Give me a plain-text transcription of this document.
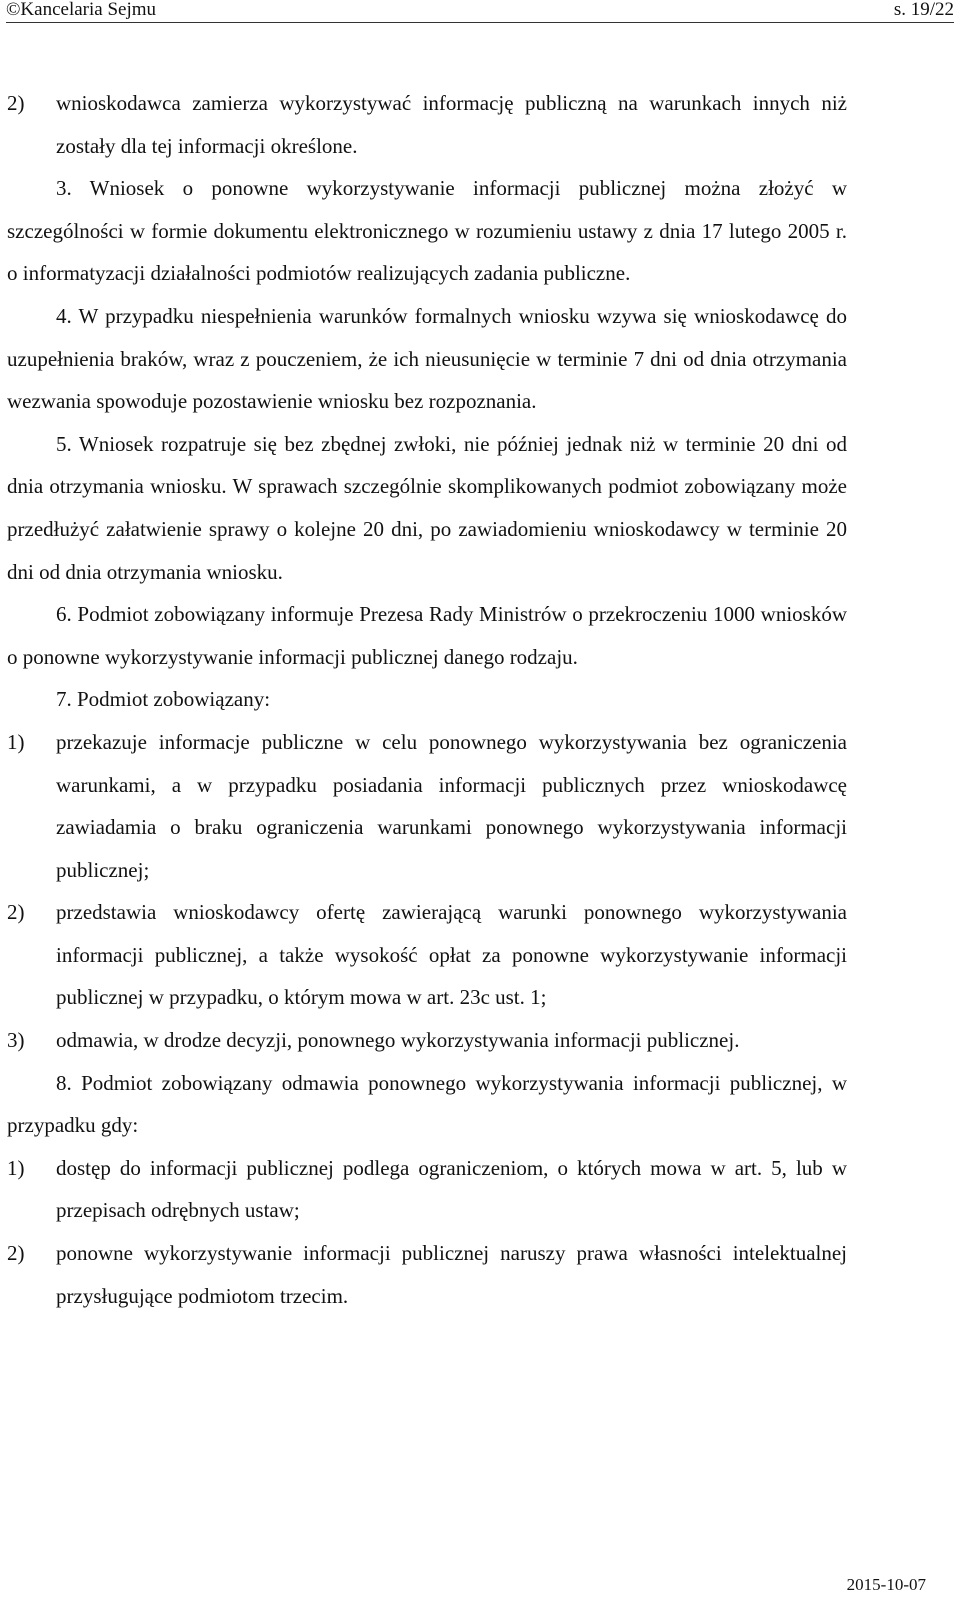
©Kancelaria Sejmu	s. 19/22
2)	wnioskodawca zamierza wykorzystywać informację publiczną na warunkach innych niż zostały dla tej informacji określone.

3. Wniosek o ponowne wykorzystywanie informacji publicznej można złożyć w szczególności w formie dokumentu elektronicznego w rozumieniu ustawy z dnia 17 lutego 2005 r. o informatyzacji działalności podmiotów realizujących zadania publiczne.

4. W przypadku niespełnienia warunków formalnych wniosku wzywa się wnioskodawcę do uzupełnienia braków, wraz z pouczeniem, że ich nieusunięcie w terminie 7 dni od dnia otrzymania wezwania spowoduje pozostawienie wniosku bez rozpoznania.

5. Wniosek rozpatruje się bez zbędnej zwłoki, nie później jednak niż w terminie 20 dni od dnia otrzymania wniosku. W sprawach szczególnie skomplikowanych podmiot zobowiązany może przedłużyć załatwienie sprawy o kolejne 20 dni, po zawiadomieniu wnioskodawcy w terminie 20 dni od dnia otrzymania wniosku.

6. Podmiot zobowiązany informuje Prezesa Rady Ministrów o przekroczeniu 1000 wniosków o ponowne wykorzystywanie informacji publicznej danego rodzaju.

7. Podmiot zobowiązany:

1)	przekazuje informacje publiczne w celu ponownego wykorzystywania bez ograniczenia warunkami, a w przypadku posiadania informacji publicznych przez wnioskodawcę zawiadamia o braku ograniczenia warunkami ponownego wykorzystywania informacji publicznej;
2)	przedstawia wnioskodawcy ofertę zawierającą warunki ponownego wykorzystywania informacji publicznej, a także wysokość opłat za ponowne wykorzystywanie informacji publicznej w przypadku, o którym mowa w art. 23c ust. 1;
3)	odmawia, w drodze decyzji, ponownego wykorzystywania informacji publicznej.

8. Podmiot zobowiązany odmawia ponownego wykorzystywania informacji publicznej, w przypadku gdy:

1)	dostęp do informacji publicznej podlega ograniczeniom, o których mowa w art. 5, lub w przepisach odrębnych ustaw;
2)	ponowne wykorzystywanie informacji publicznej naruszy prawa własności intelektualnej przysługujące podmiotom trzecim.
2015-10-07
